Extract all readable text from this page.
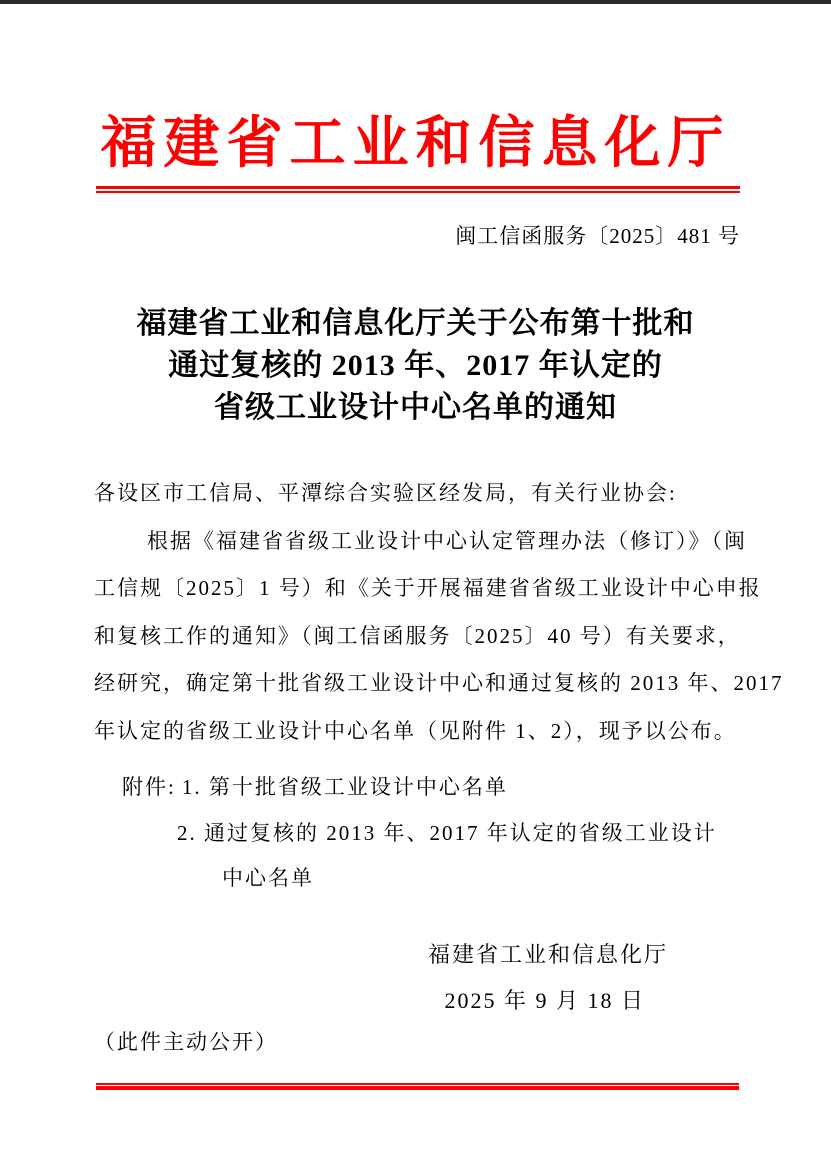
福建省工业和信息化厅
闽工信函服务〔2025〕481 号
福建省工业和信息化厅关于公布第十批和
通过复核的 2013 年、2017 年认定的
省级工业设计中心名单的通知
各设区市工信局、平潭综合实验区经发局，有关行业协会:
根据《福建省省级工业设计中心认定管理办法（修订）》（闽
工信规〔2025〕1 号）和《关于开展福建省省级工业设计中心申报
和复核工作的通知》（闽工信函服务〔2025〕40 号）有关要求，
经研究，确定第十批省级工业设计中心和通过复核的 2013 年、2017
年认定的省级工业设计中心名单（见附件 1、2），现予以公布。
附件: 1. 第十批省级工业设计中心名单
2. 通过复核的 2013 年、2017 年认定的省级工业设计
中心名单
福建省工业和信息化厅
2025 年 9 月 18 日
（此件主动公开）
